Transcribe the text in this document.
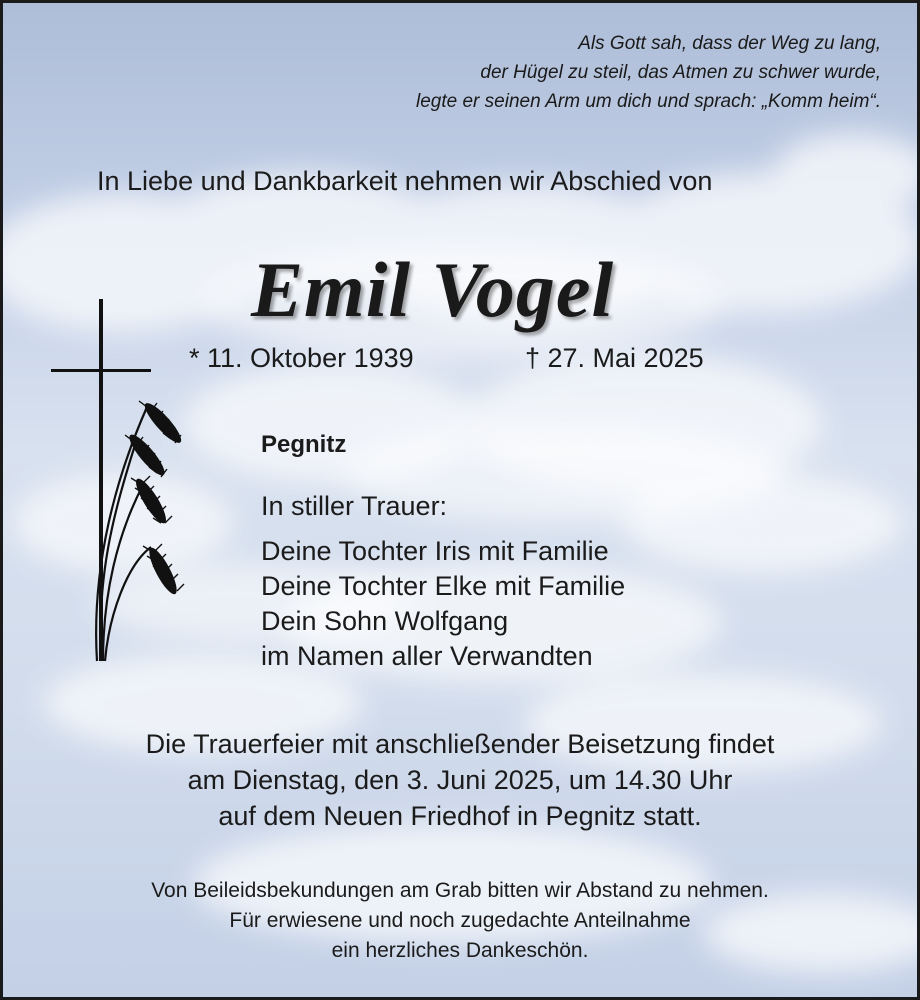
Als Gott sah, dass der Weg zu lang,
der Hügel zu steil, das Atmen zu schwer wurde,
legte er seinen Arm um dich und sprach: „Komm heim“.
In Liebe und Dankbarkeit nehmen wir Abschied von
Emil Vogel
* 11. Oktober 1939	† 27. Mai 2025
Pegnitz
In stiller Trauer:
Deine Tochter Iris mit Familie
Deine Tochter Elke mit Familie
Dein Sohn Wolfgang
im Namen aller Verwandten
Die Trauerfeier mit anschließender Beisetzung findet
am Dienstag, den 3. Juni 2025, um 14.30 Uhr
auf dem Neuen Friedhof in Pegnitz statt.
Von Beileidsbekundungen am Grab bitten wir Abstand zu nehmen.
Für erwiesene und noch zugedachte Anteilnahme
ein herzliches Dankeschön.
